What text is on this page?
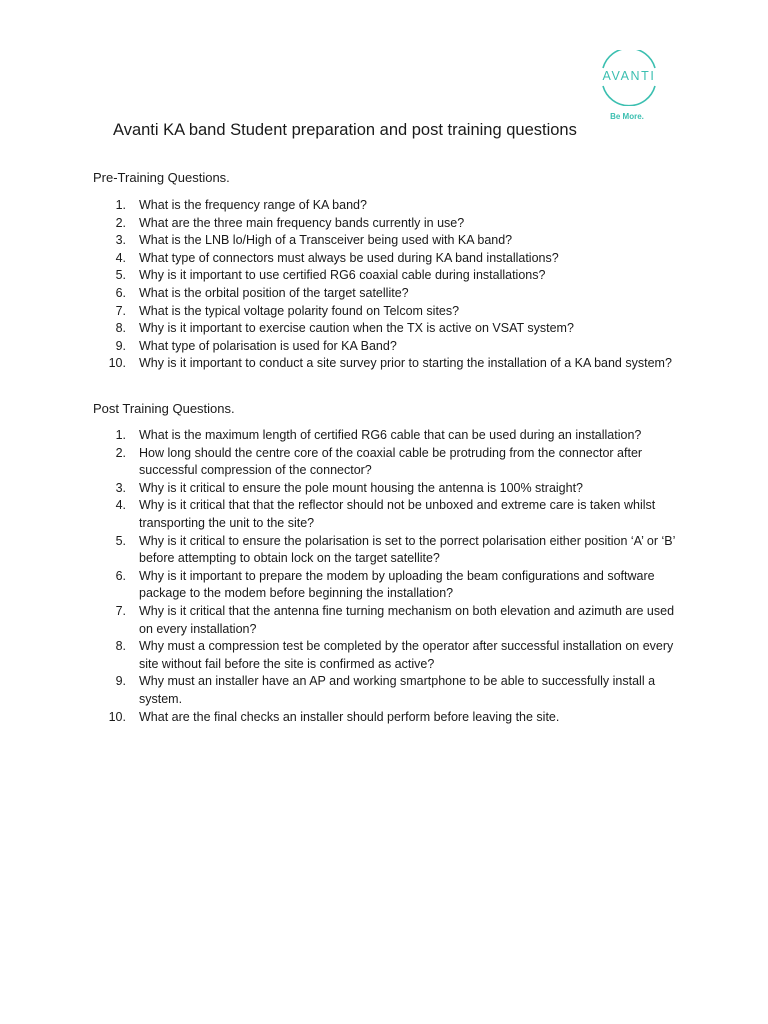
AVANTI
Be More.
Avanti KA band Student preparation and post training questions
Pre-Training Questions.
1. What is the frequency range of KA band?
2. What are the three main frequency bands currently in use?
3. What is the LNB lo/High of a Transceiver being used with KA band?
4. What type of connectors must always be used during KA band installations?
5. Why is it important to use certified RG6 coaxial cable during installations?
6. What is the orbital position of the target satellite?
7. What is the typical voltage polarity found on Telcom sites?
8. Why is it important to exercise caution when the TX is active on VSAT system?
9. What type of polarisation is used for KA Band?
10. Why is it important to conduct a site survey prior to starting the installation of a KA band system?
Post Training Questions.
1. What is the maximum length of certified RG6 cable that can be used during an installation?
2. How long should the centre core of the coaxial cable be protruding from the connector after successful compression of the connector?
3. Why is it critical to ensure the pole mount housing the antenna is 100% straight?
4. Why is it critical that that the reflector should not be unboxed and extreme care is taken whilst transporting the unit to the site?
5. Why is it critical to ensure the polarisation is set to the porrect polarisation either position ‘A’ or ‘B’ before attempting to obtain lock on the target satellite?
6. Why is it important to prepare the modem by uploading the beam configurations and software package to the modem before beginning the installation?
7. Why is it critical that the antenna fine turning mechanism on both elevation and azimuth are used on every installation?
8. Why must a compression test be completed by the operator after successful installation on every site without fail before the site is confirmed as active?
9. Why must an installer have an AP and working smartphone to be able to successfully install a system.
10. What are the final checks an installer should perform before leaving the site.
